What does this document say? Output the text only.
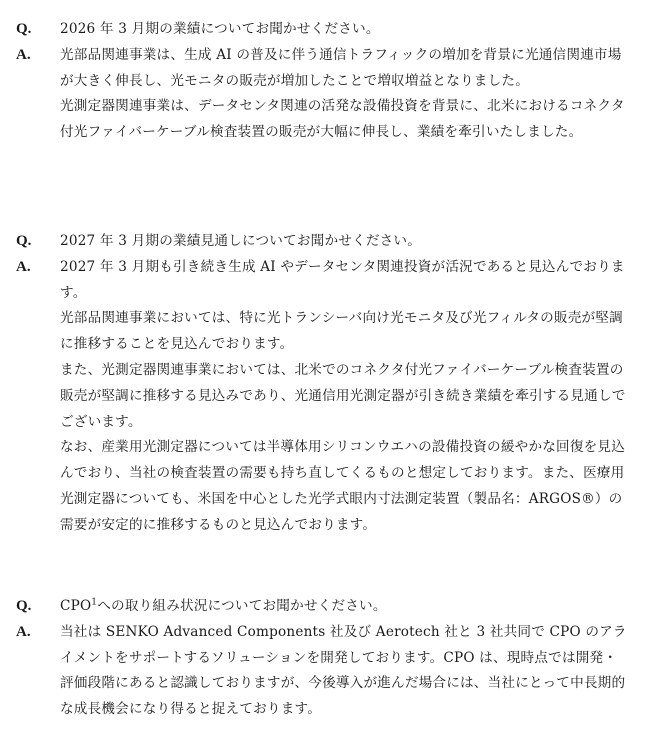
Q.	2026 年 3 月期の業績についてお聞かせください。
A.	光部品関連事業は、生成 AI の普及に伴う通信トラフィックの増加を背景に光通信関連市場が大きく伸長し、光モニタの販売が増加したことで増収増益となりました。

光測定器関連事業は、データセンタ関連の活発な設備投資を背景に、北米におけるコネクタ付光ファイバーケーブル検査装置の販売が大幅に伸長し、業績を牽引いたしました。

Q.	2027 年 3 月期の業績見通しについてお聞かせください。
A.	2027 年 3 月期も引き続き生成 AI やデータセンタ関連投資が活況であると見込んでおります。

光部品関連事業においては、特に光トランシーバ向け光モニタ及び光フィルタの販売が堅調に推移することを見込んでおります。

また、光測定器関連事業においては、北米でのコネクタ付光ファイバーケーブル検査装置の販売が堅調に推移する見込みであり、光通信用光測定器が引き続き業績を牽引する見通しでございます。

なお、産業用光測定器については半導体用シリコンウエハの設備投資の緩やかな回復を見込んでおり、当社の検査装置の需要も持ち直してくるものと想定しております。また、医療用光測定器についても、米国を中心とした光学式眼内寸法測定装置（製品名：ARGOS®）の需要が安定的に推移するものと見込んでおります。

Q.	CPO$^1$への取り組み状況についてお聞かせください。
A.	当社は SENKO Advanced Components 社及び Aerotech 社と 3 社共同で CPO のアライメントをサポートするソリューションを開発しております。CPO は、現時点では開発・評価段階にあると認識しておりますが、今後導入が進んだ場合には、当社にとって中長期的な成長機会になり得ると捉えております。
